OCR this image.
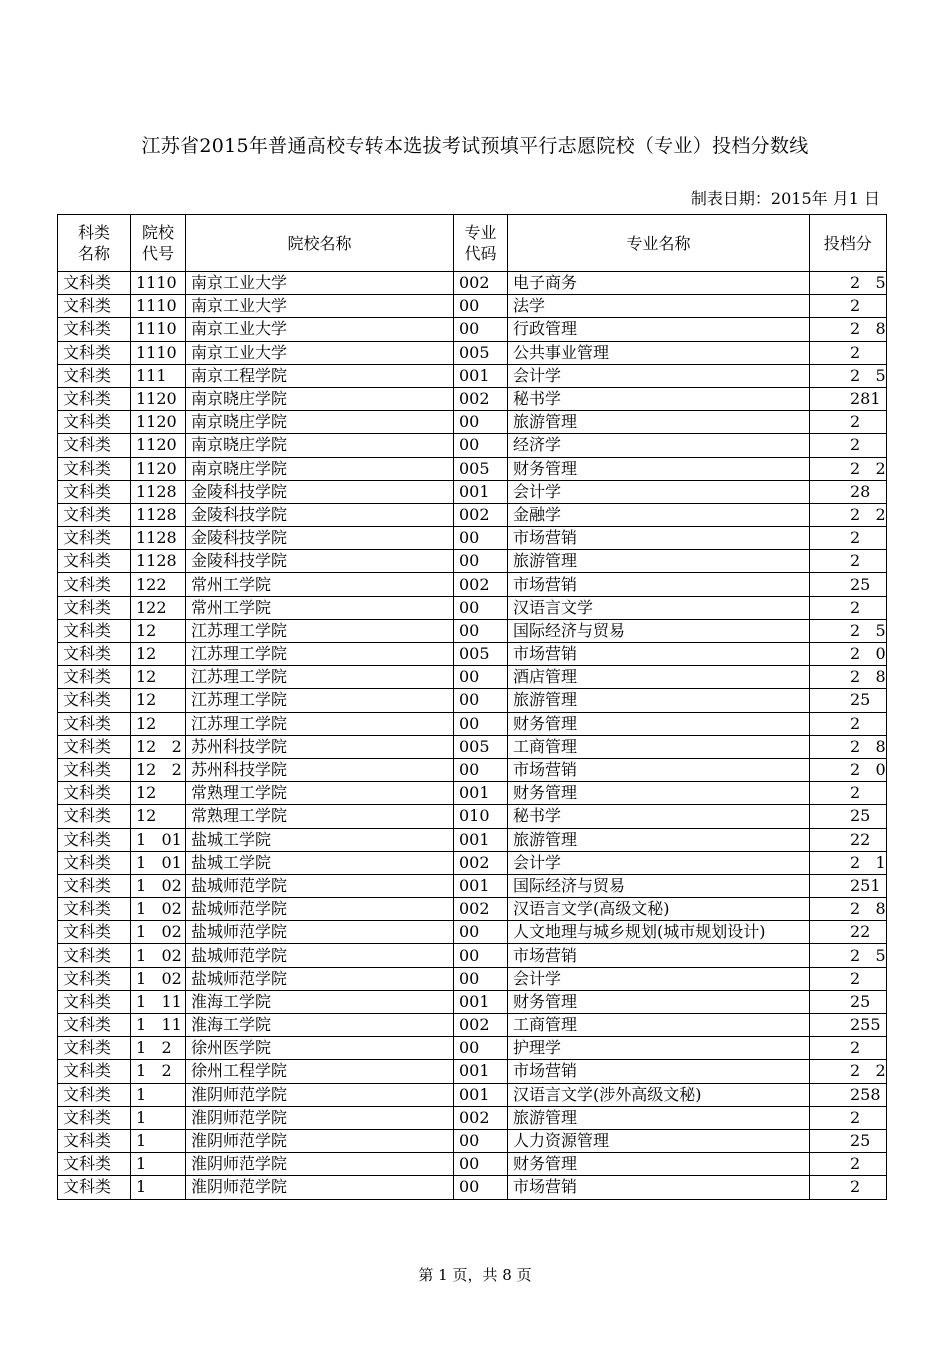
江苏省2015年普通高校专转本选拔考试预填平行志愿院校（专业）投档分数线
制表日期：2015年 月1 日
科类名称	院校代号	院校名称	专业代码	专业名称	投档分
文科类	1110	南京工业大学	002	电子商务	2   5
文科类	1110	南京工业大学	00	法学	2
文科类	1110	南京工业大学	00	行政管理	2   8
文科类	1110	南京工业大学	005	公共事业管理	2
文科类	111	南京工程学院	001	会计学	2   5
文科类	1120	南京晓庄学院	002	秘书学	281
文科类	1120	南京晓庄学院	00	旅游管理	2
文科类	1120	南京晓庄学院	00	经济学	2
文科类	1120	南京晓庄学院	005	财务管理	2   2
文科类	1128	金陵科技学院	001	会计学	28
文科类	1128	金陵科技学院	002	金融学	2   2
文科类	1128	金陵科技学院	00	市场营销	2
文科类	1128	金陵科技学院	00	旅游管理	2
文科类	122	常州工学院	002	市场营销	25
文科类	122	常州工学院	00	汉语言文学	2
文科类	12	江苏理工学院	00	国际经济与贸易	2   5
文科类	12	江苏理工学院	005	市场营销	2   0
文科类	12	江苏理工学院	00	酒店管理	2   8
文科类	12	江苏理工学院	00	旅游管理	25
文科类	12	江苏理工学院	00	财务管理	2
文科类	12   2	苏州科技学院	005	工商管理	2   8
文科类	12   2	苏州科技学院	00	市场营销	2   0
文科类	12	常熟理工学院	001	财务管理	2
文科类	12	常熟理工学院	010	秘书学	25
文科类	1   01	盐城工学院	001	旅游管理	22
文科类	1   01	盐城工学院	002	会计学	2   1
文科类	1   02	盐城师范学院	001	国际经济与贸易	251
文科类	1   02	盐城师范学院	002	汉语言文学(高级文秘)	2   8
文科类	1   02	盐城师范学院	00	人文地理与城乡规划(城市规划设计)	22
文科类	1   02	盐城师范学院	00	市场营销	2   5
文科类	1   02	盐城师范学院	00	会计学	2
文科类	1   11	淮海工学院	001	财务管理	25
文科类	1   11	淮海工学院	002	工商管理	255
文科类	1   2	徐州医学院	00	护理学	2
文科类	1   2	徐州工程学院	001	市场营销	2   2
文科类	1	淮阴师范学院	001	汉语言文学(涉外高级文秘)	258
文科类	1	淮阴师范学院	002	旅游管理	2
文科类	1	淮阴师范学院	00	人力资源管理	25
文科类	1	淮阴师范学院	00	财务管理	2
文科类	1	淮阴师范学院	00	市场营销	2
第 1 页，共 8 页
